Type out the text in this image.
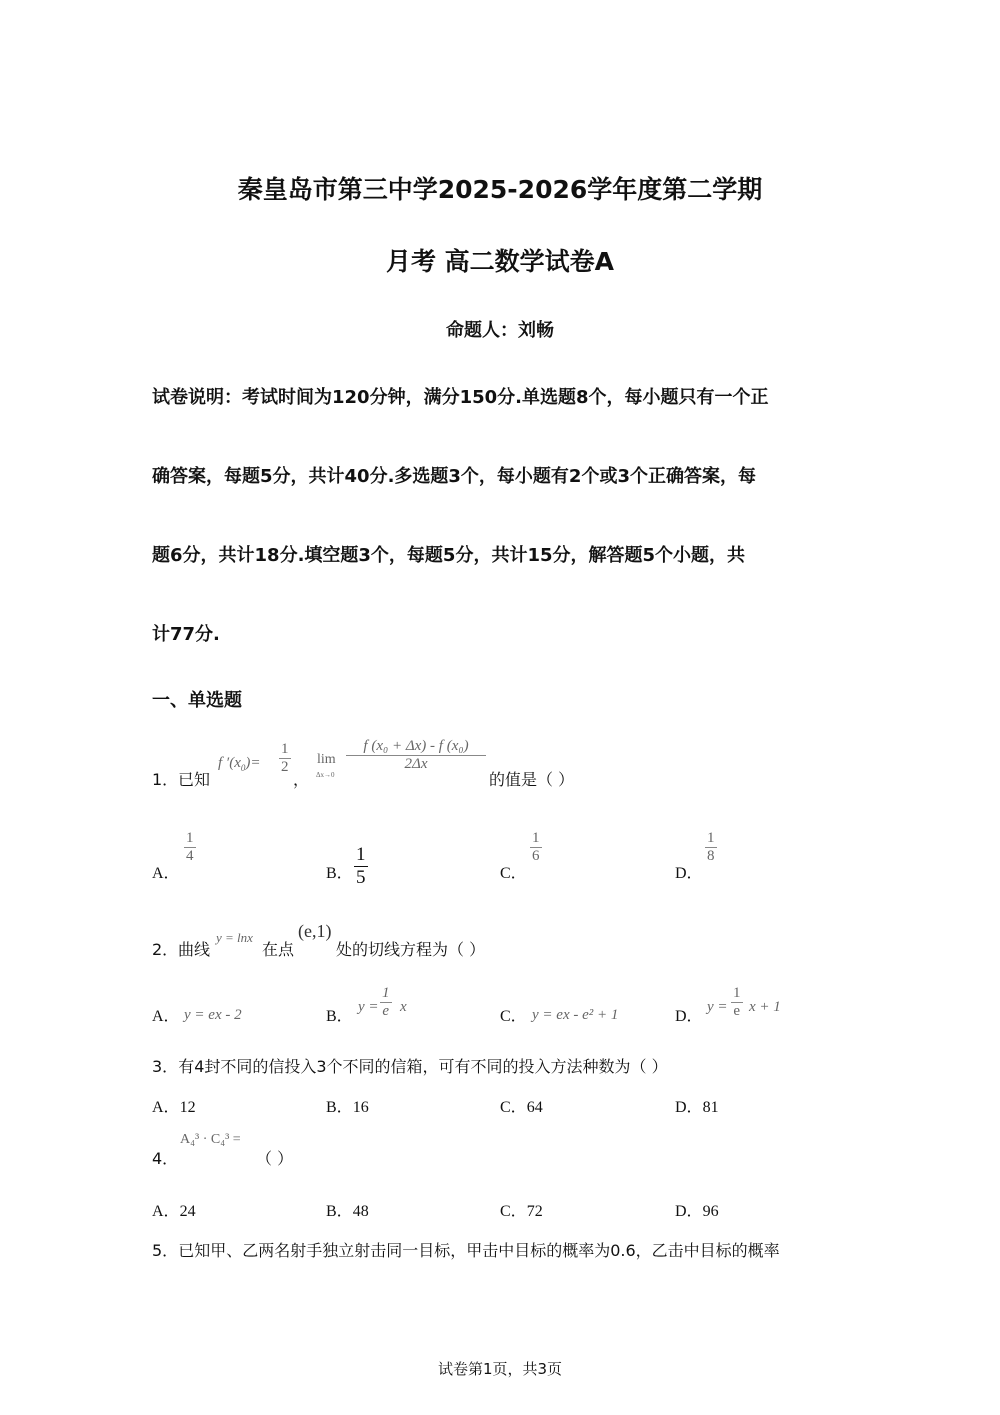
秦皇岛市第三中学2025-2026学年度第二学期
月考 高二数学试卷A
命题人：刘畅
试卷说明：考试时间为120分钟，满分150分.单选题8个，每小题只有一个正
确答案，每题5分，共计40分.多选题3个，每小题有2个或3个正确答案，每
题6分，共计18分.填空题3个，每题5分，共计15分，解答题5个小题，共
计77分.
一、单选题
1． 已知
f $'(x_0)= \frac{1}{2}$
，
lim
Δx→0
$\frac{\text{f (x₀ + Δx) - f (x₀)}}{2\Delta x}$
的值是（ ）
A．
$\frac{1}{4}$
B． $\frac{1}{5}$	C．
$\frac{1}{6}$
D．
$\frac{1}{8}$
2． 曲线
y = lnx
在点
(e,1)
处的切线方程为（ ）
A． y = ex - 2	B．
$y = \frac{1}{e}$ x
C． y = ex - e² + 1	D．
$y = \frac{1}{e}$ x + 1
3．有4封不同的信投入3个不同的信箱，可有不同的投入方法种数为（ ）
A．12	B．16	C．64	D．81
4．
A₄³ · C₄³ =
（ ）
A．24	B．48	C．72	D．96
5．已知甲、乙两名射手独立射击同一目标，甲击中目标的概率为0.6，乙击中目标的概率
试卷第1页，共3页
